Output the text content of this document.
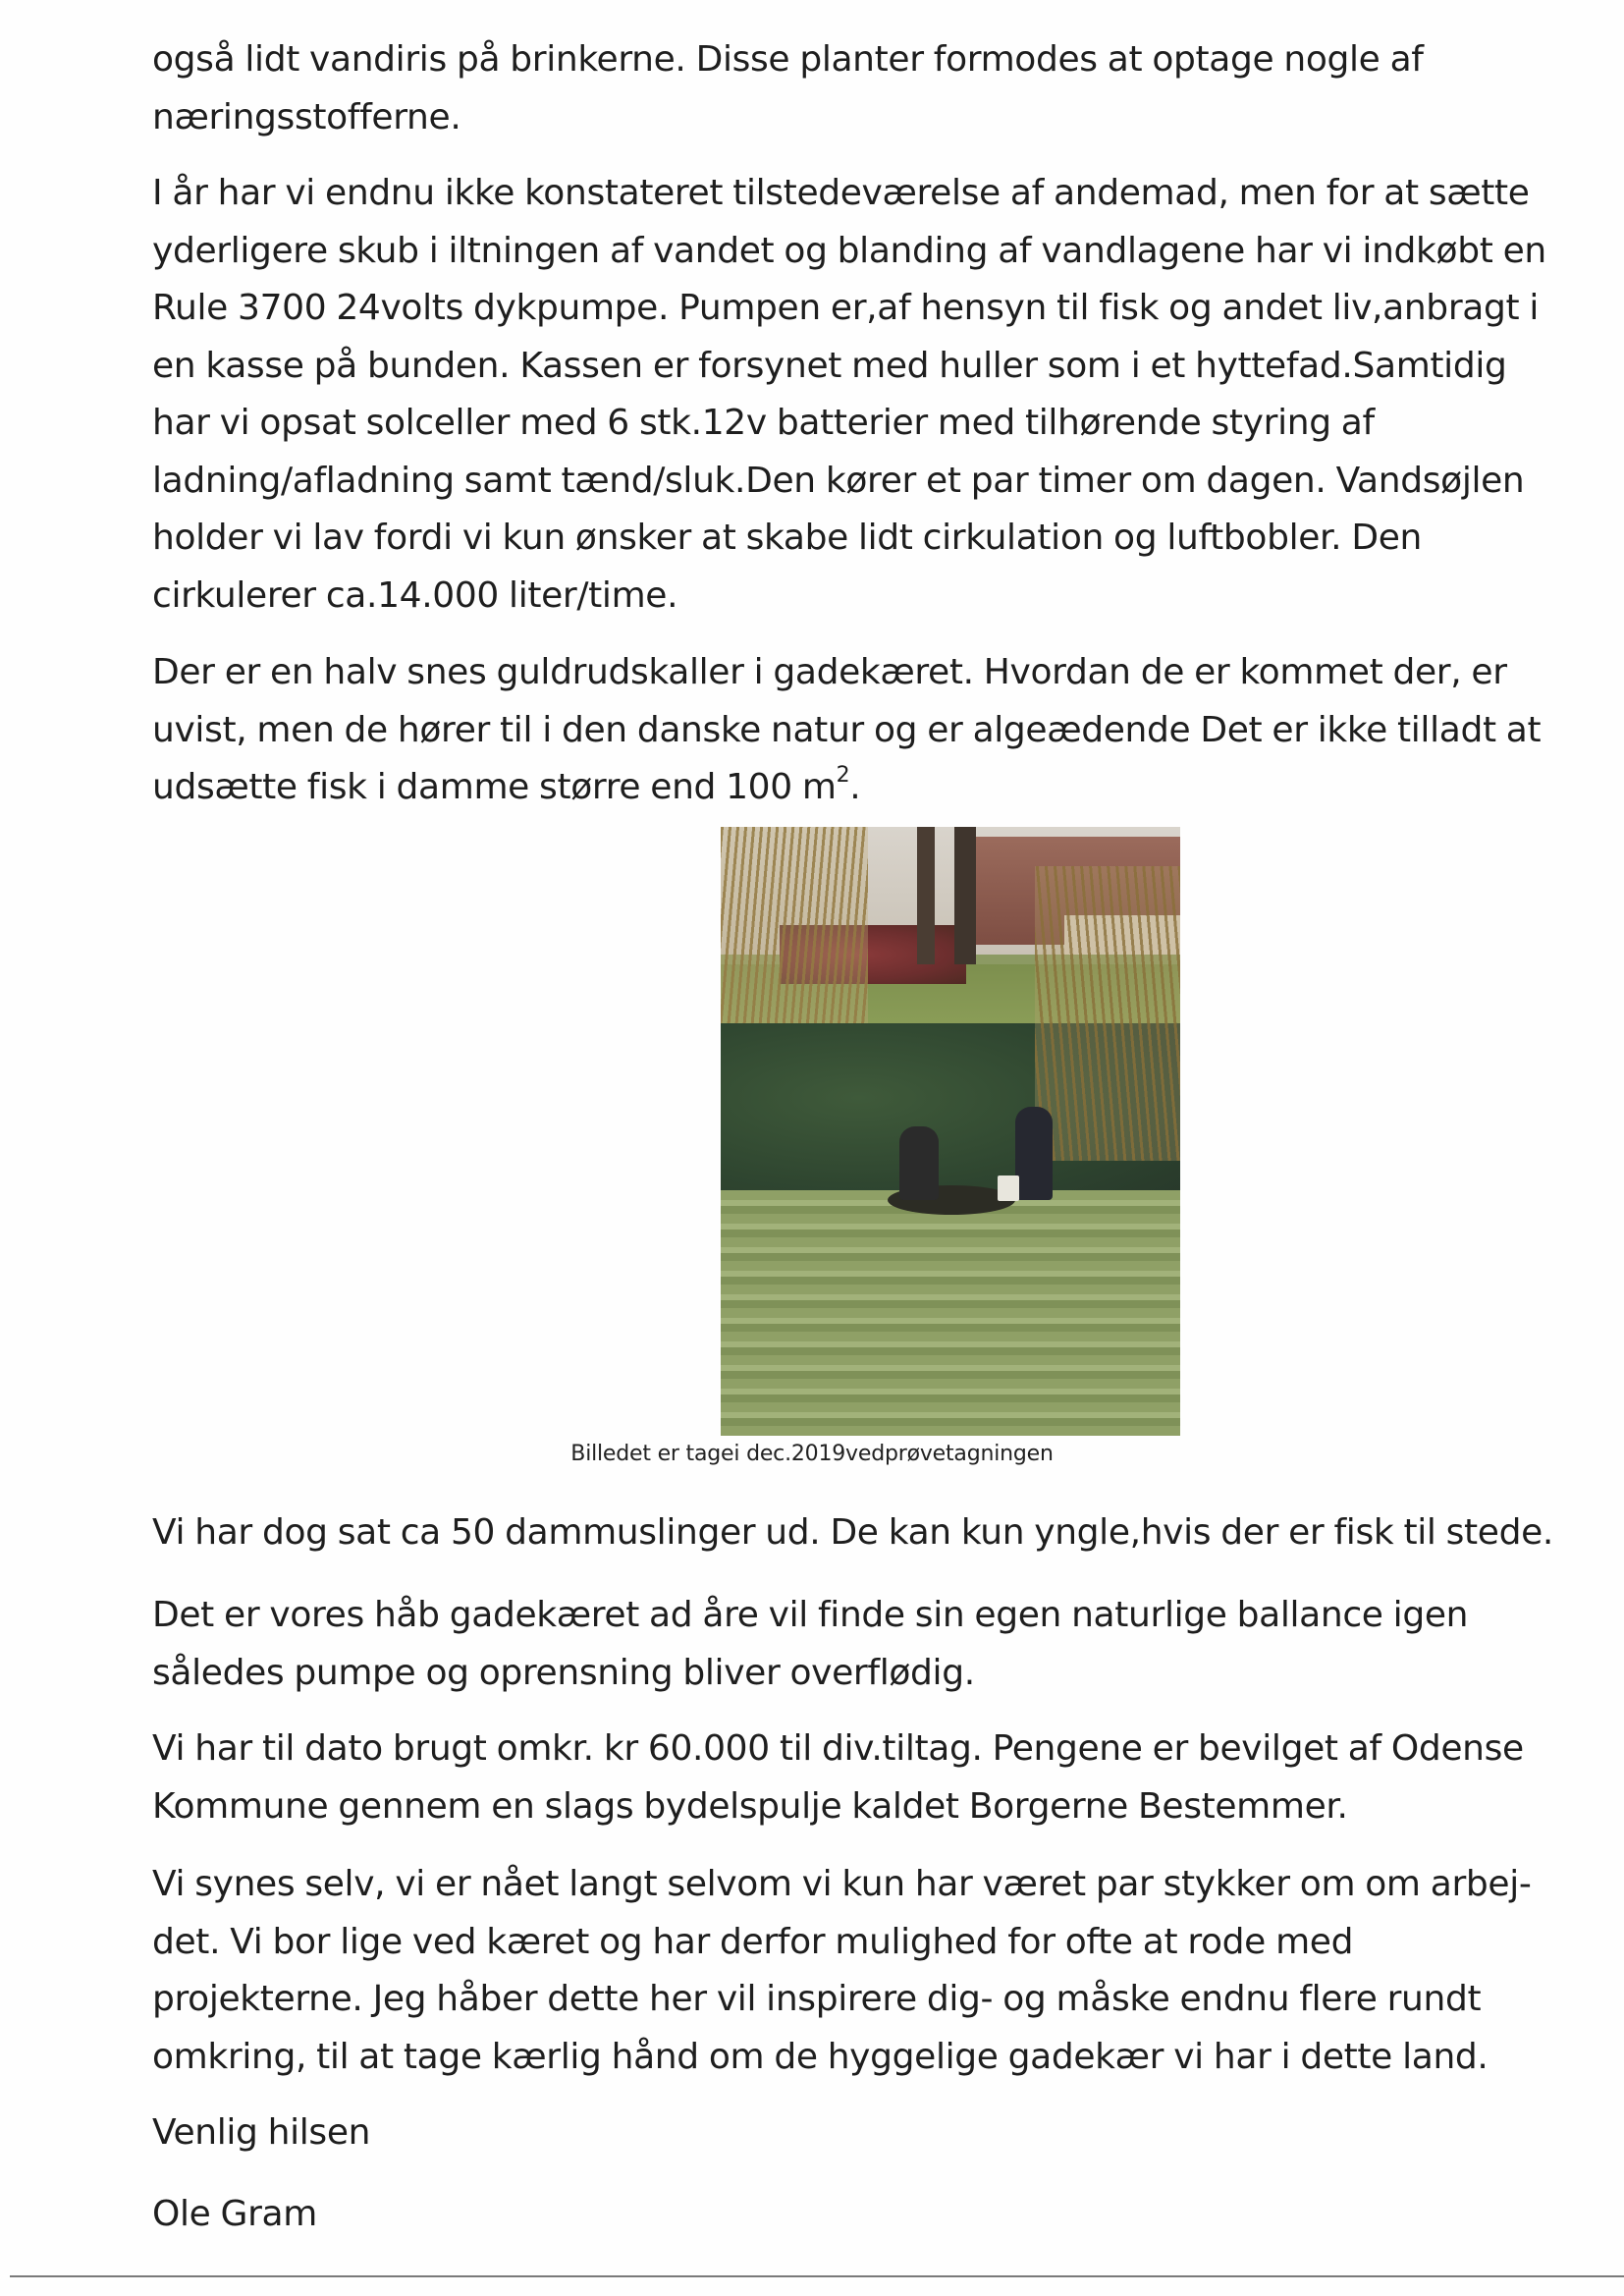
også lidt vandiris på brinkerne. Disse planter formodes at optage nogle af
næringsstofferne.

I år har vi endnu ikke konstateret tilstedeværelse af andemad, men for at sætte
yderligere skub i iltningen af vandet og blanding af vandlagene har vi indkøbt en
Rule 3700 24volts dykpumpe. Pumpen er,af hensyn til fisk og andet liv,anbragt i
en kasse på bunden. Kassen er forsynet med huller som i et hyttefad.Samtidig
har vi opsat solceller med 6 stk.12v batterier med tilhørende styring af
ladning/afladning samt tænd/sluk.Den kører et par timer om dagen. Vandsøjlen
holder vi lav fordi vi kun ønsker at skabe lidt cirkulation og luftbobler. Den
cirkulerer ca.14.000 liter/time.

Der er en halv snes guldrudskaller i gadekæret. Hvordan de er kommet der, er
uvist, men de hører til i den danske natur og er algeædende Det er ikke tilladt at
udsætte fisk i damme større end 100 $m^2$.

Billedet er tagei dec.2019vedprøvetagningen

Vi har dog sat ca 50 dammuslinger ud. De kan kun yngle,hvis der er fisk til stede.

Det er vores håb gadekæret ad åre vil finde sin egen naturlige ballance igen
således pumpe og oprensning bliver overflødig.

Vi har til dato brugt omkr. kr 60.000 til div.tiltag. Pengene er bevilget af Odense
Kommune gennem en slags bydelspulje kaldet Borgerne Bestemmer.

Vi synes selv, vi er nået langt selvom vi kun har været par stykker om om arbej-
det. Vi bor lige ved kæret og har derfor mulighed for ofte at rode med
projekterne. Jeg håber dette her vil inspirere dig- og måske endnu flere rundt
omkring, til at tage kærlig hånd om de hyggelige gadekær vi har i dette land.

Venlig hilsen

Ole Gram
